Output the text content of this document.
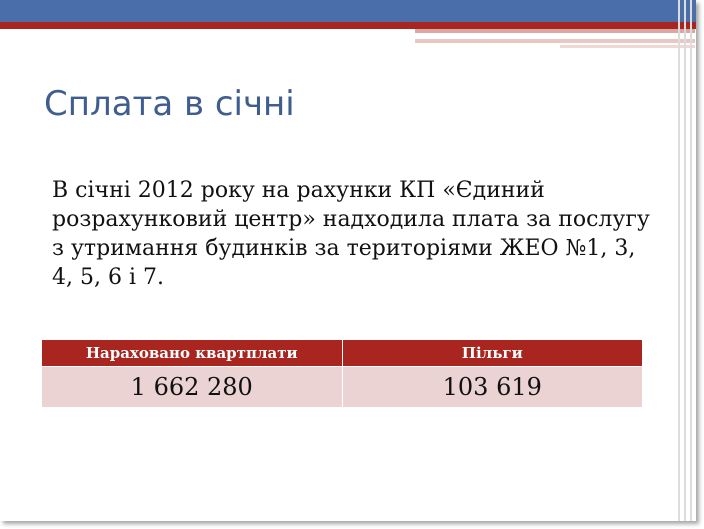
Сплата в січні

В січні 2012 року на рахунки КП «Єдиний розрахунковий центр» надходила плата за послугу з утримання будинків за територіями ЖЕО №1, 3, 4, 5, 6 і 7.

Нараховано квартплати	Пільги
1 662 280	103 619
